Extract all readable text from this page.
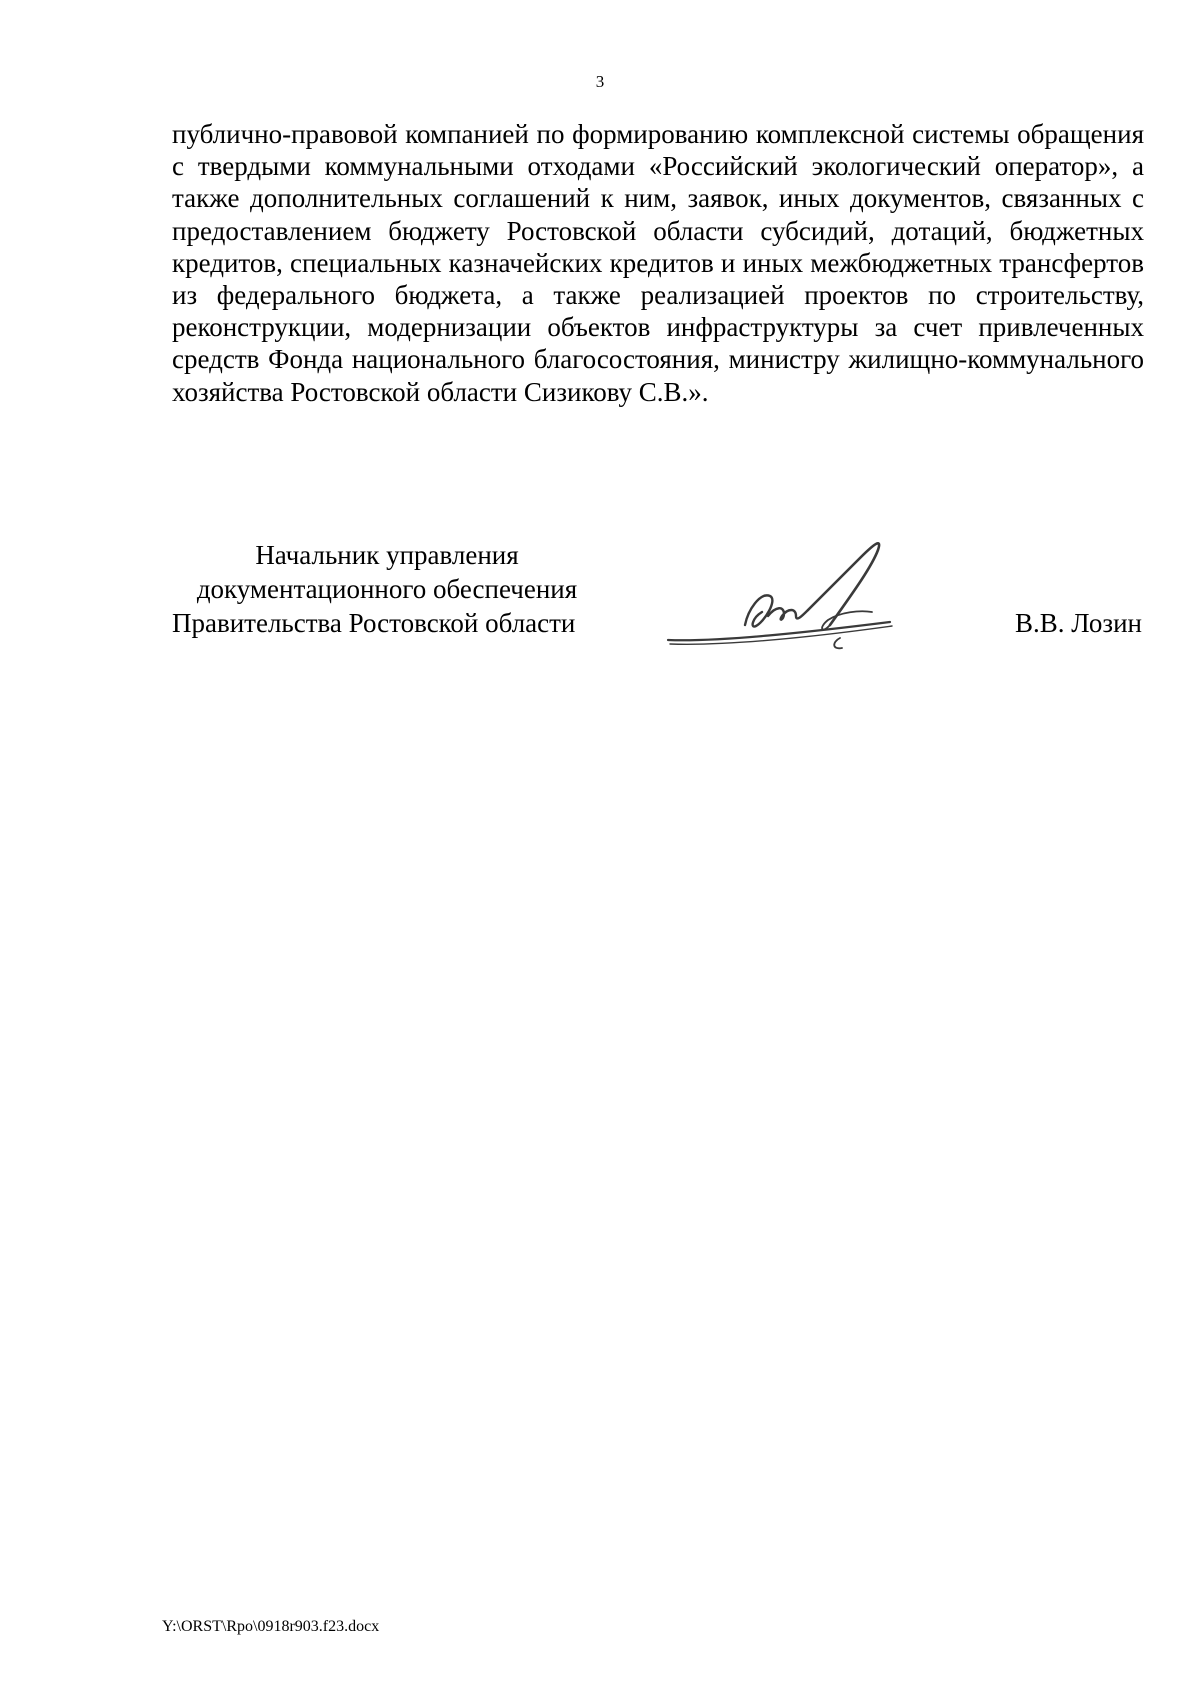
3

публично-правовой компанией по формированию комплексной системы обращения с твердыми коммунальными отходами «Российский экологический оператор», а также дополнительных соглашений к ним, заявок, иных документов, связанных с предоставлением бюджету Ростовской области субсидий, дотаций, бюджетных кредитов, специальных казначейских кредитов и иных межбюджетных трансфертов из федерального бюджета, а также реализацией проектов по строительству, реконструкции, модернизации объектов инфраструктуры за счет привлеченных средств Фонда национального благосостояния, министру жилищно-коммунального хозяйства Ростовской области Сизикову С.В.».

Начальник управления
документационного обеспечения
Правительства Ростовской области	В.В. Лозин
Y:\ORST\Rpo\0918r903.f23.docx
